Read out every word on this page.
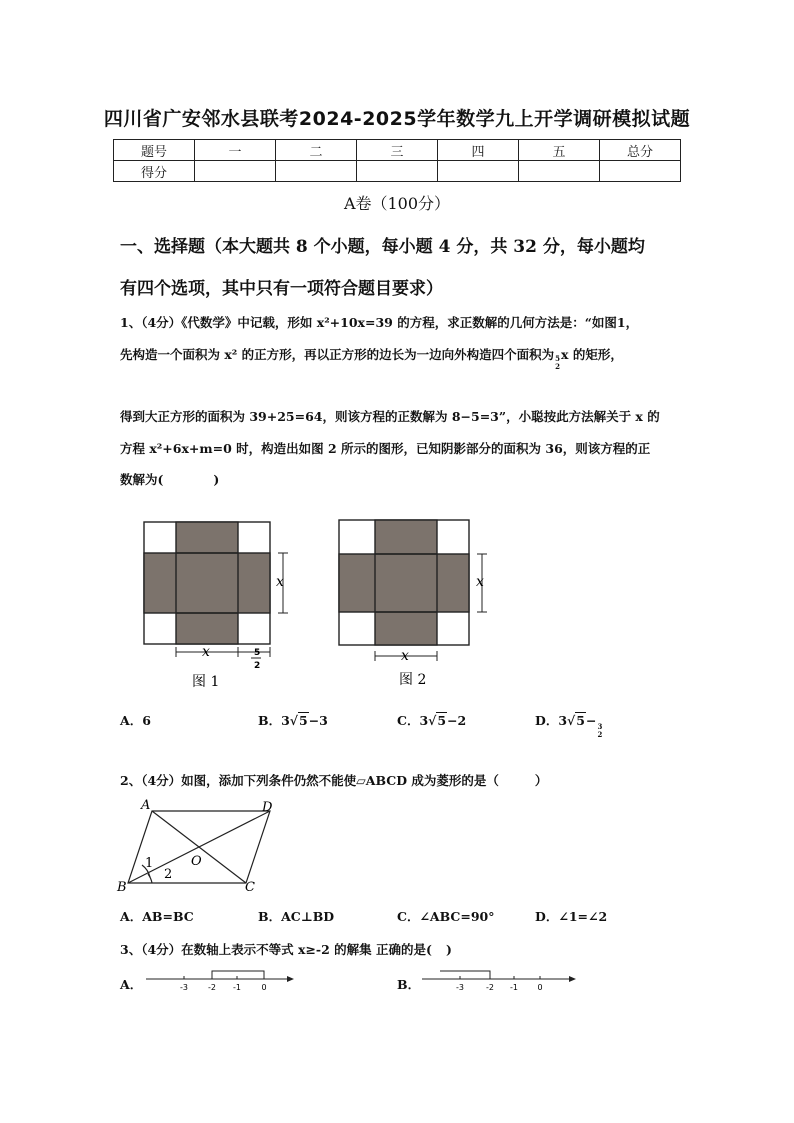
四川省广安邻水县联考2024-2025学年数学九上开学调研模拟试题
题号	一	二	三	四	五	总分
得分						
A卷（100分）
一、选择题（本大题共 8 个小题，每小题 4 分，共 32 分，每小题均
有四个选项，其中只有一项符合题目要求）
1、（4分）《代数学》中记载，形如 x²+10x=39 的方程，求正数解的几何方法是：“如图1，
先构造一个面积为 x² 的正方形，再以正方形的边长为一边向外构造四个面积为 5
2
x 的矩形，
得到大正方形的面积为 39+25=64，则该方程的正数解为 8−5=3”，小聪按此方法解关于 x 的
方程 x²+6x+m=0 时，构造出如图 2 所示的图形，已知阴影部分的面积为 36，则该方程的正
数解为(	)
x
x	5
2
图 1
x
x
图 2
A．6	B．3√5−3	C．3√5−2	D．3√5− 3
2
2、（4分）如图，添加下列条件仍然不能使▱ABCD 成为菱形的是（	）
A	D
B	C
O
1
2
A．AB=BC	B．AC⊥BD	C．∠ABC=90°	D．∠1=∠2
3、（4分）在数轴上表示不等式 x≥-2 的解集 正确的是( )
A．	-3	-2 -1	0	B．	-3	-2 -1 0
